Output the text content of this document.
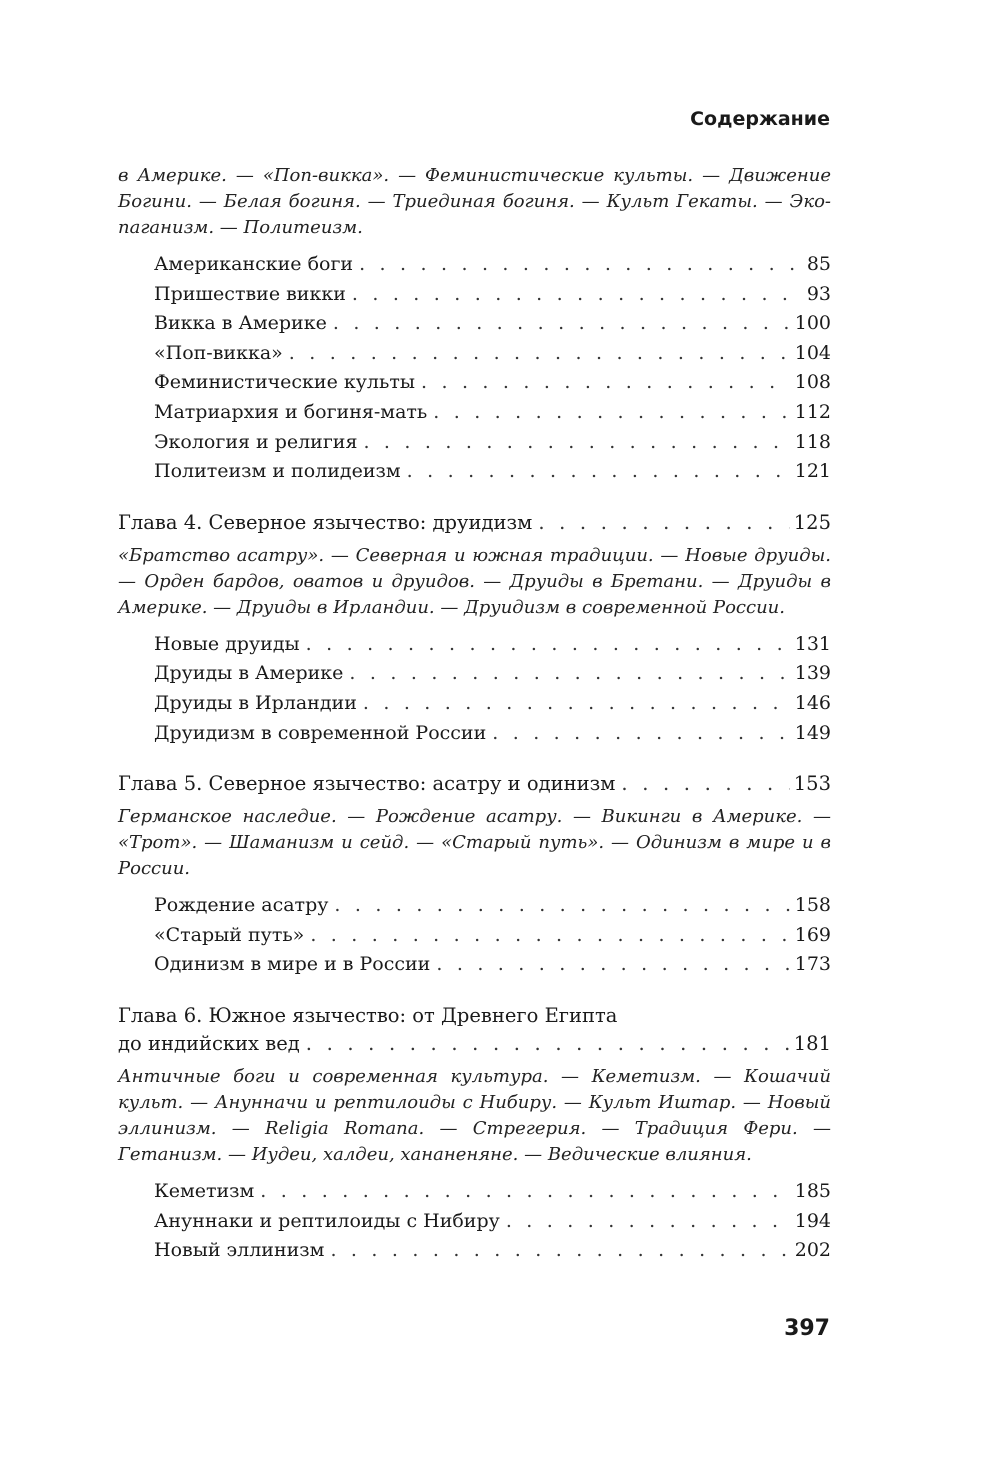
Содержание

в Америке. — «Поп-викка». — Феминистические культы. — Движение Богини. — Белая богиня. — Триединая богиня. — Культ Гекаты. — Эко-паганизм. — Политеизм.

Американские боги . . .	85
Пришествие викки . . .	93
Викка в Америке . . .	100
«Поп-викка» . . .	104
Феминистические культы . . .	108
Матриархия и богиня-мать . . .	112
Экология и религия . . .	118
Политеизм и полидеизм . . .	121
Глава 4. Северное язычество: друидизм . . .	125

«Братство асатру». — Северная и южная традиции. — Новые друиды. — Орден бардов, оватов и друидов. — Друиды в Бретани. — Друиды в Америке. — Друиды в Ирландии. — Друидизм в современной России.

Новые друиды . . .	131
Друиды в Америке . . .	139
Друиды в Ирландии . . .	146
Друидизм в современной России . . .	149
Глава 5. Северное язычество: асатру и одинизм . . .	153

Германское наследие. — Рождение асатру. — Викинги в Америке. — «Трот». — Шаманизм и сейд. — «Старый путь». — Одинизм в мире и в России.

Рождение асатру . . .	158
«Старый путь» . . .	169
Одинизм в мире и в России . . .	173
Глава 6. Южное язычество: от Древнего Египта
до индийских вед . . .	181

Античные боги и современная культура. — Кеметизм. — Кошачий культ. — Анунначи и рептилоиды с Нибиру. — Культ Иштар. — Новый эллинизм. — Religia Romana. — Стрегерия. — Традиция Фери. — Гетанизм. — Иудеи, халдеи, хананеняне. — Ведические влияния.

Кеметизм . . .	185
Ануннаки и рептилоиды с Нибиру . . .	194
Новый эллинизм . . .	202
397
